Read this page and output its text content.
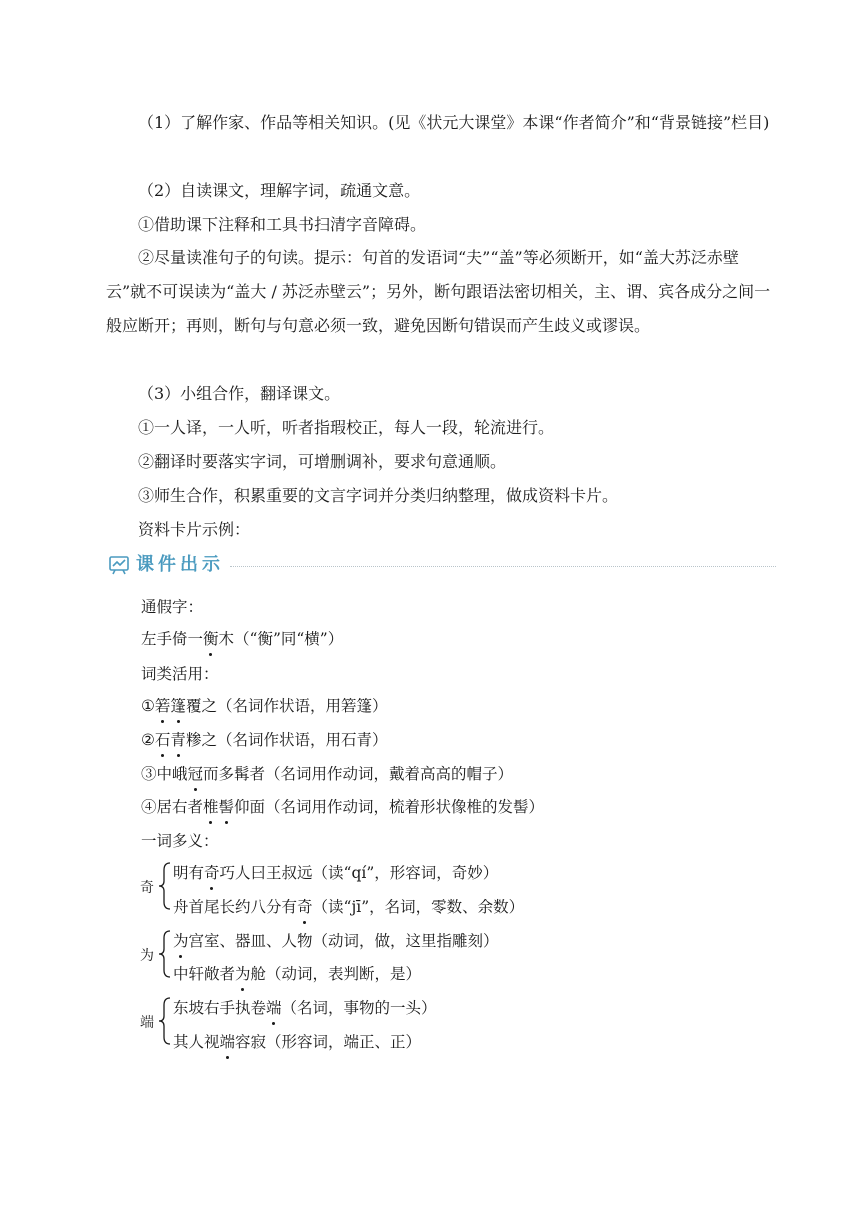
（1）了解作家、作品等相关知识。(见《状元大课堂》本课“作者简介”和“背景链接”栏目)

（2）自读课文，理解字词，疏通文意。

①借助课下注释和工具书扫清字音障碍。

②尽量读准句子的句读。提示：句首的发语词“夫”“盖”等必须断开，如“盖大苏泛赤壁云”就不可误读为“盖大 / 苏泛赤壁云”；另外，断句跟语法密切相关，主、谓、宾各成分之间一般应断开；再则，断句与句意必须一致，避免因断句错误而产生歧义或谬误。

（3）小组合作，翻译课文。

①一人译，一人听，听者指瑕校正，每人一段，轮流进行。

②翻译时要落实字词，可增删调补，要求句意通顺。

③师生合作，积累重要的文言字词并分类归纳整理，做成资料卡片。

资料卡片示例：

课件出示
通假字：
左手倚一衡木（“衡”同“横”）
词类活用：
①箬篷覆之（名词作状语，用箬篷）
②石青糁之（名词作状语，用石青）
③中峨冠而多髯者（名词用作动词，戴着高高的帽子）
④居右者椎髻仰面（名词用作动词，梳着形状像椎的发髻）
一词多义：
奇
明有奇巧人曰王叔远（读“qí”，形容词，奇妙）
舟首尾长约八分有奇（读“jī”，名词，零数、余数）
为
为宫室、器皿、人物（动词，做，这里指雕刻）
中轩敞者为舱（动词，表判断，是）
端
东坡右手执卷端（名词，事物的一头）
其人视端容寂（形容词，端正、正）
